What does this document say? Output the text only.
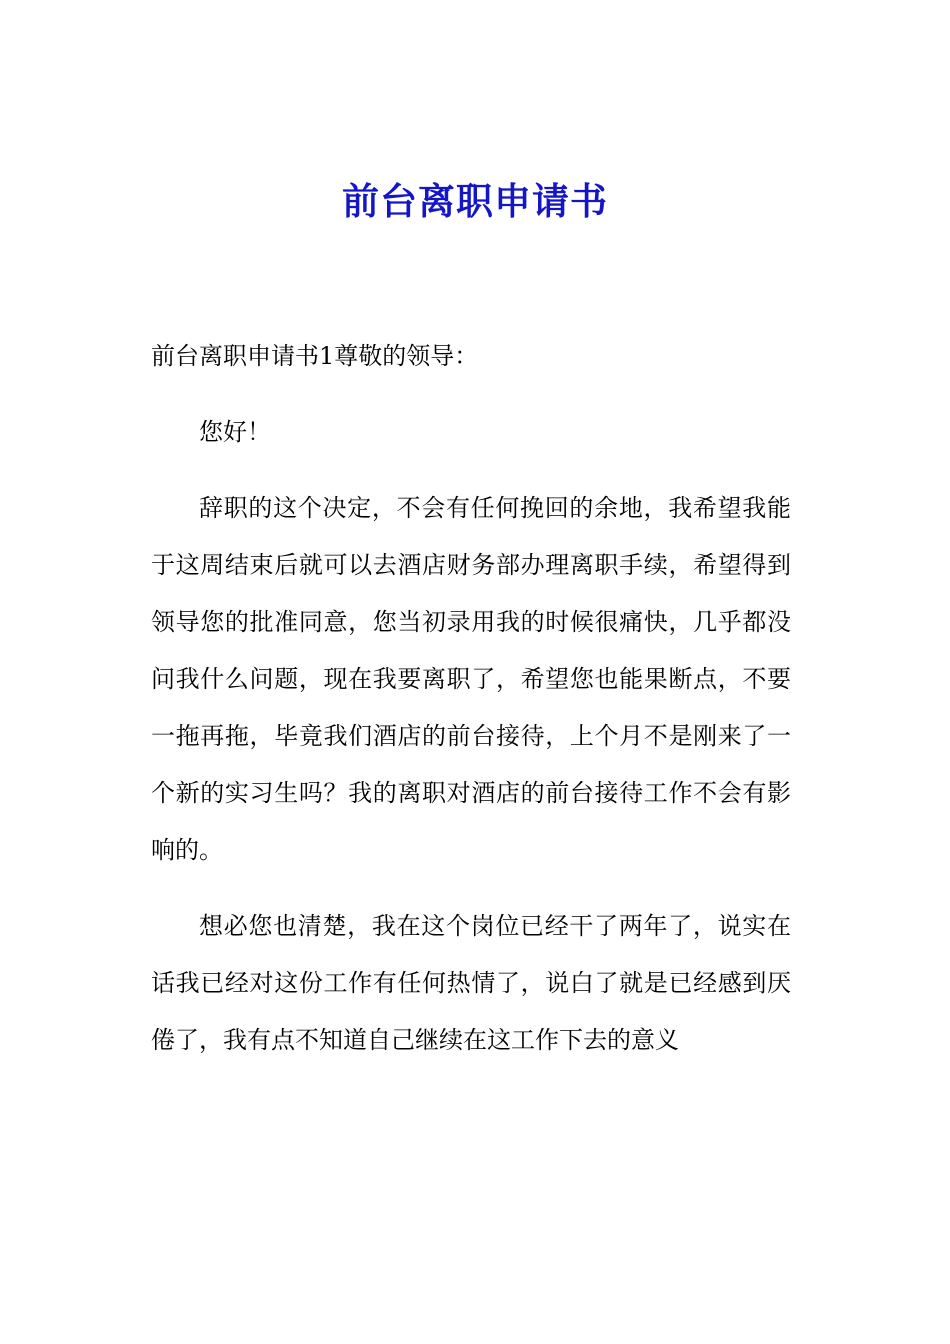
前台离职申请书

前台离职申请书1尊敬的领导：

您好！

辞职的这个决定，不会有任何挽回的余地，我希望我能于这周结束后就可以去酒店财务部办理离职手续，希望得到领导您的批准同意，您当初录用我的时候很痛快，几乎都没问我什么问题，现在我要离职了，希望您也能果断点，不要一拖再拖，毕竟我们酒店的前台接待，上个月不是刚来了一个新的实习生吗？我的离职对酒店的前台接待工作不会有影响的。

想必您也清楚，我在这个岗位已经干了两年了，说实在话我已经对这份工作有任何热情了，说白了就是已经感到厌倦了，我有点不知道自己继续在这工作下去的意义
